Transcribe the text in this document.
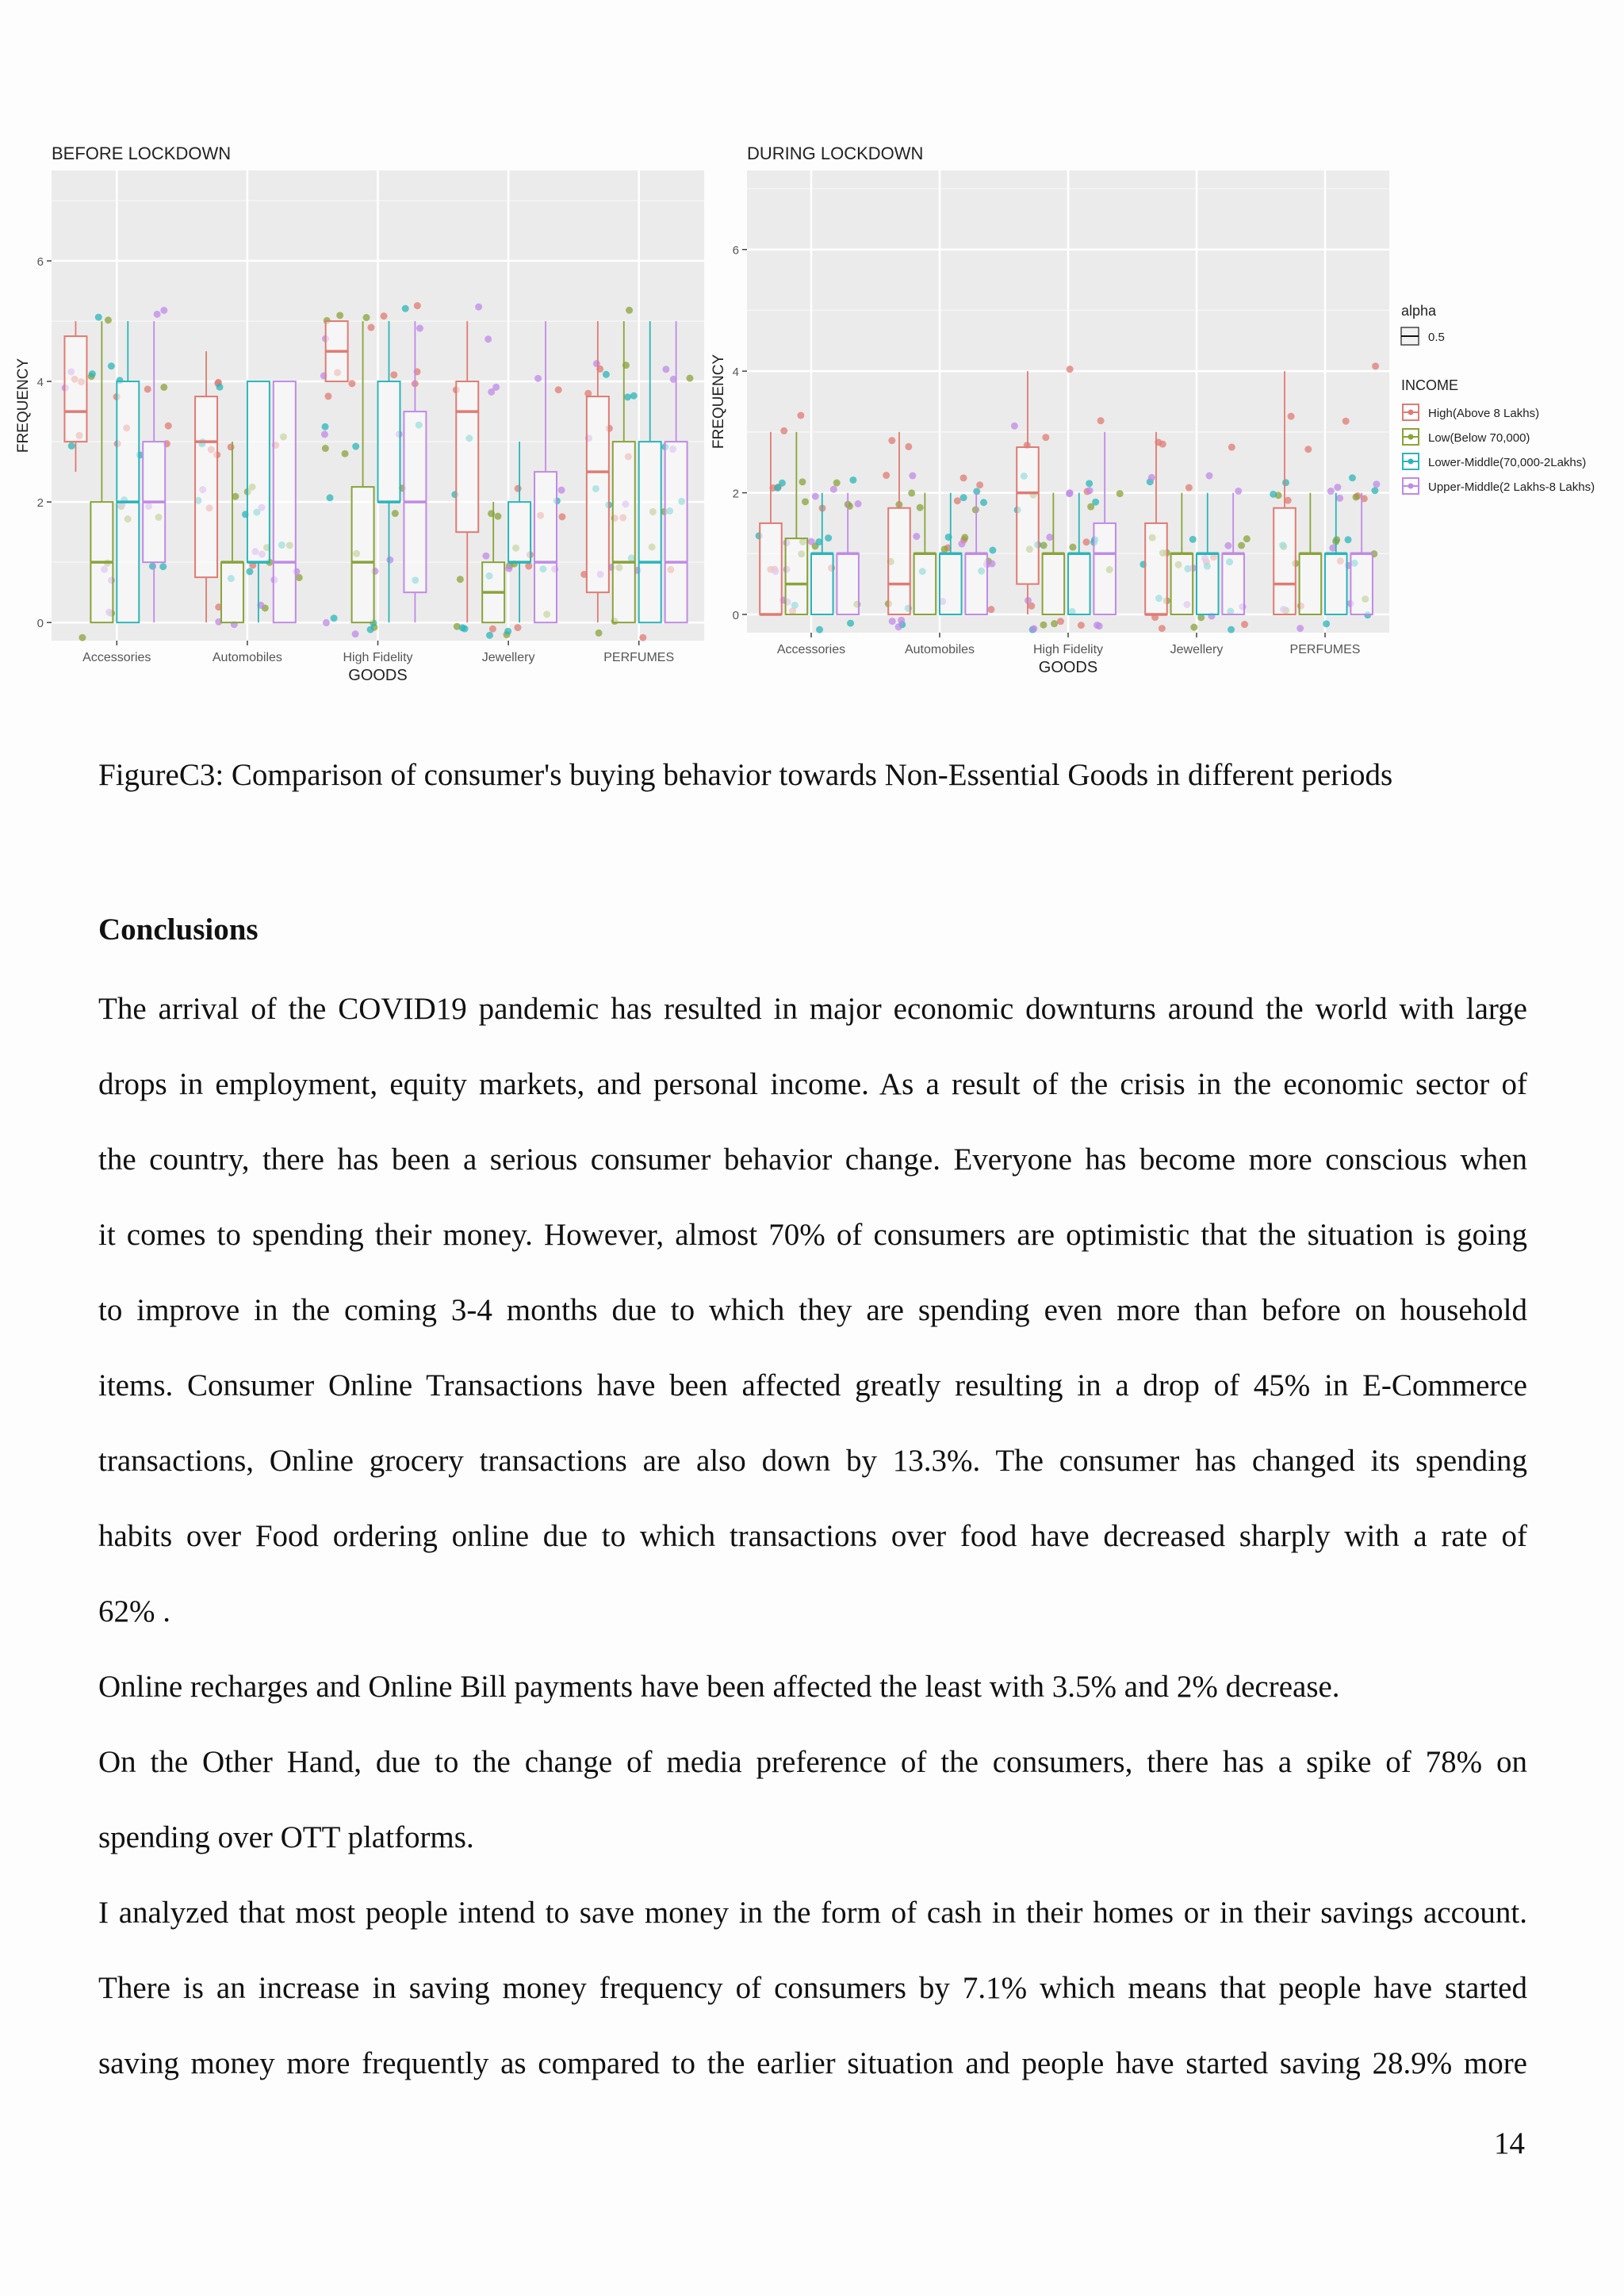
0
2
4
6
Accessories	Automobiles	High Fidelity	Jewellery	PERFUMES
BEFORE LOCKDOWN
GOODS
FREQUENCY
0
2
4
6
Accessories	Automobiles	High Fidelity	Jewellery	PERFUMES
DURING LOCKDOWN
GOODS
FREQUENCY
alpha
0.5
INCOME
High(Above 8 Lakhs)
Low(Below 70,000)
Lower-Middle(70,000-2Lakhs)
Upper-Middle(2 Lakhs-8 Lakhs)
FigureC3: Comparison of consumer's buying behavior towards Non-Essential Goods in different periods
Conclusions
The arrival of the COVID19 pandemic has resulted in major economic downturns around the world with large
drops in employment, equity markets, and personal income. As a result of the crisis in the economic sector of
the country, there has been a serious consumer behavior change. Everyone has become more conscious when
it comes to spending their money. However, almost 70% of consumers are optimistic that the situation is going
to improve in the coming 3-4 months due to which they are spending even more than before on household
items. Consumer Online Transactions have been affected greatly resulting in a drop of 45% in E-Commerce
transactions, Online grocery transactions are also down by 13.3%. The consumer has changed its spending
habits over Food ordering online due to which transactions over food have decreased sharply with a rate of
62% .
Online recharges and Online Bill payments have been affected the least with 3.5% and 2% decrease.
On the Other Hand, due to the change of media preference of the consumers, there has a spike of 78% on
spending over OTT platforms.
I analyzed that most people intend to save money in the form of cash in their homes or in their savings account.
There is an increase in saving money frequency of consumers by 7.1% which means that people have started
saving money more frequently as compared to the earlier situation and people have started saving 28.9% more
14
